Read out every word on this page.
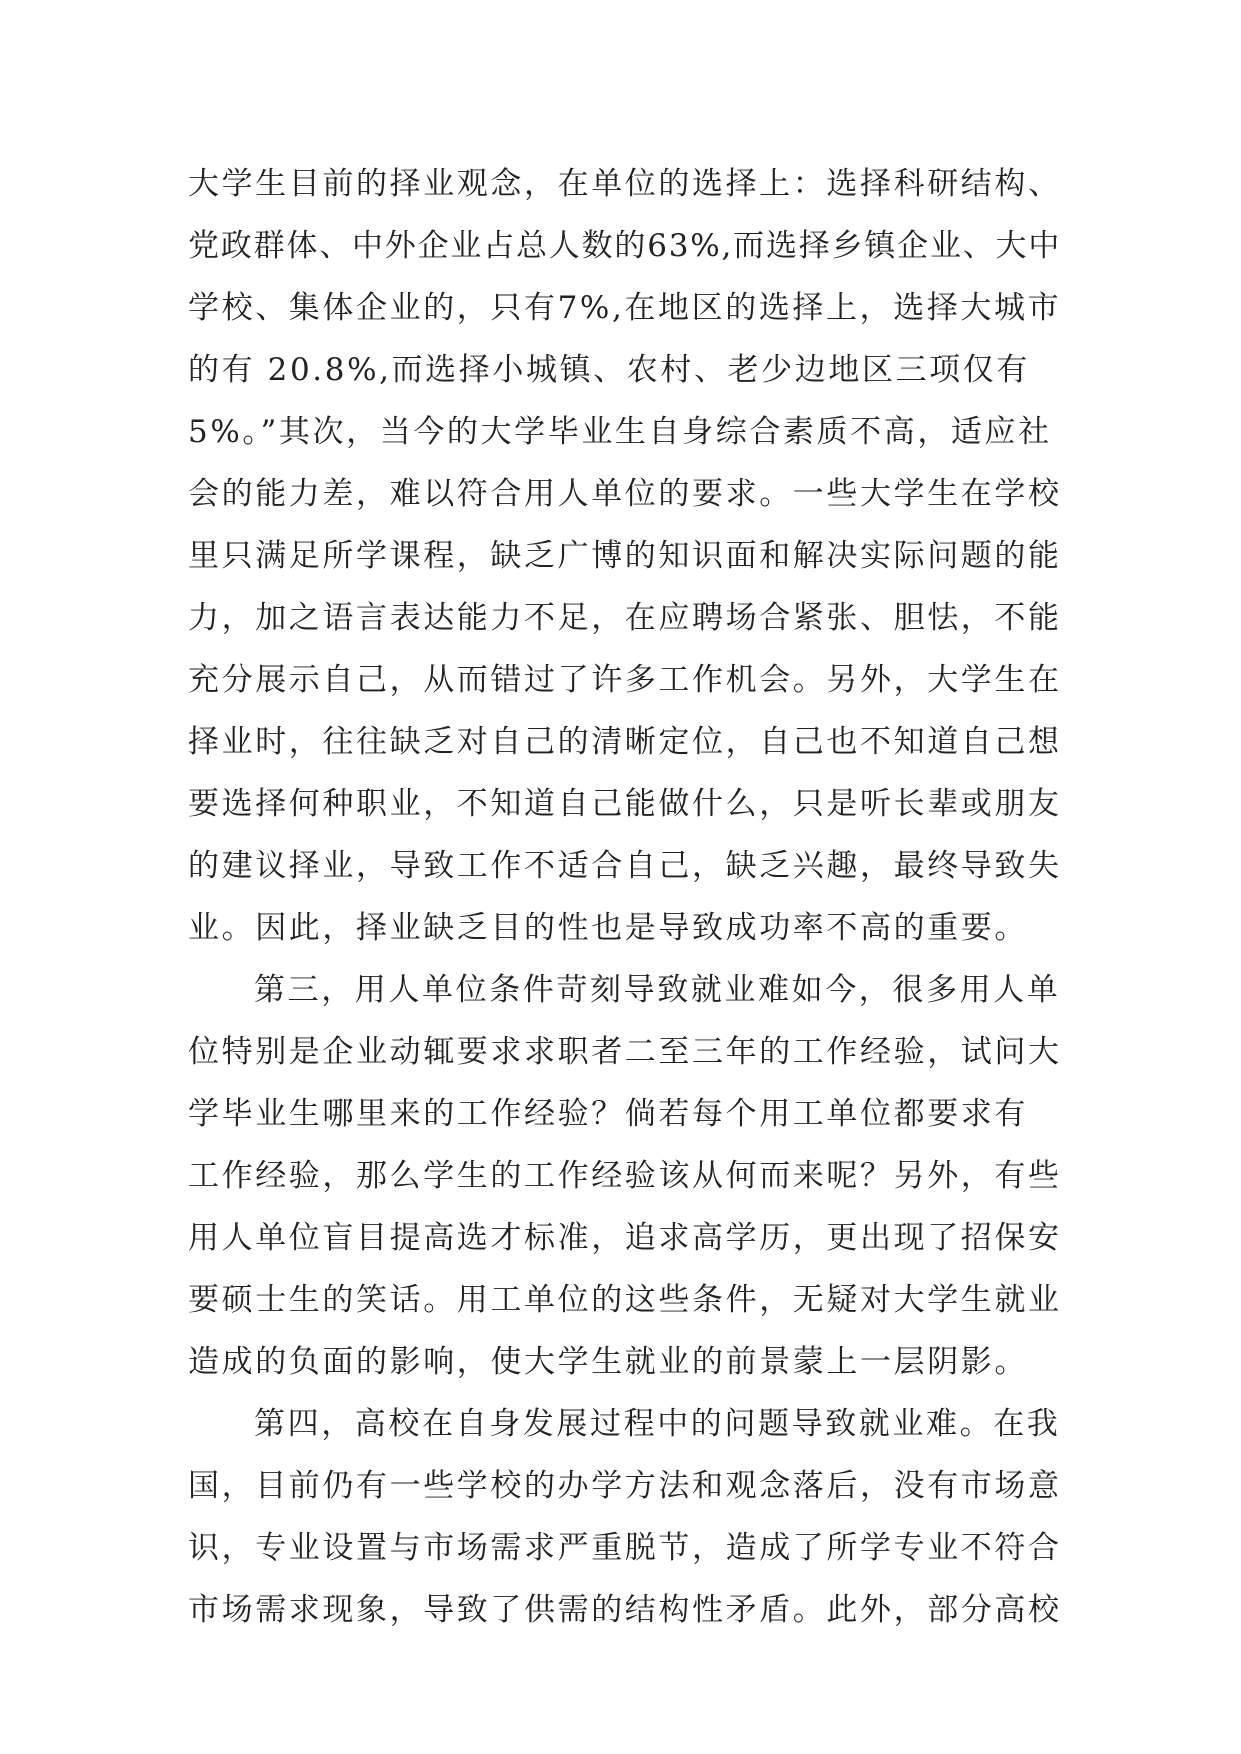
大学生目前的择业观念，在单位的选择上：选择科研结构、
党政群体、中外企业占总人数的63%,而选择乡镇企业、大中
学校、集体企业的，只有7%,在地区的选择上，选择大城市
的有 20.8%,而选择小城镇、农村、老少边地区三项仅有
5%。”其次，当今的大学毕业生自身综合素质不高，适应社
会的能力差，难以符合用人单位的要求。一些大学生在学校
里只满足所学课程，缺乏广博的知识面和解决实际问题的能
力，加之语言表达能力不足，在应聘场合紧张、胆怯，不能
充分展示自己，从而错过了许多工作机会。另外，大学生在
择业时，往往缺乏对自己的清晰定位，自己也不知道自己想
要选择何种职业，不知道自己能做什么，只是听长辈或朋友
的建议择业，导致工作不适合自己，缺乏兴趣，最终导致失
业。因此，择业缺乏目的性也是导致成功率不高的重要。
第三，用人单位条件苛刻导致就业难如今，很多用人单
位特别是企业动辄要求求职者二至三年的工作经验，试问大
学毕业生哪里来的工作经验？倘若每个用工单位都要求有
工作经验，那么学生的工作经验该从何而来呢？另外，有些
用人单位盲目提高选才标准，追求高学历，更出现了招保安
要硕士生的笑话。用工单位的这些条件，无疑对大学生就业
造成的负面的影响，使大学生就业的前景蒙上一层阴影。
第四，高校在自身发展过程中的问题导致就业难。在我
国，目前仍有一些学校的办学方法和观念落后，没有市场意
识，专业设置与市场需求严重脱节，造成了所学专业不符合
市场需求现象，导致了供需的结构性矛盾。此外，部分高校
